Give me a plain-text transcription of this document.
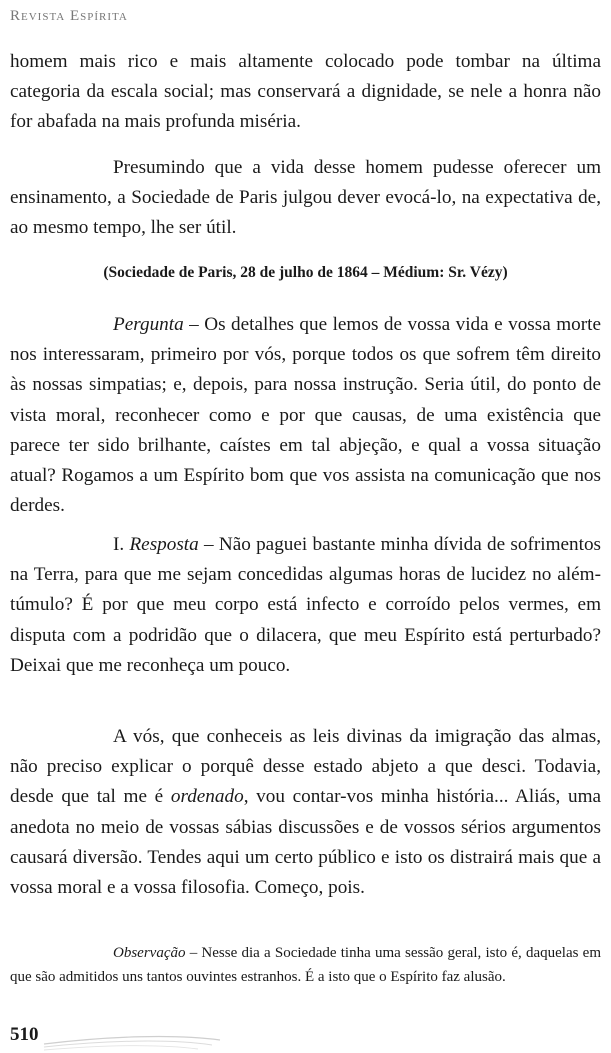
Revista Espírita

homem mais rico e mais altamente colocado pode tombar na última categoria da escala social; mas conservará a dignidade, se nele a honra não for abafada na mais profunda miséria.

Presumindo que a vida desse homem pudesse oferecer um ensinamento, a Sociedade de Paris julgou dever evocá-lo, na expectativa de, ao mesmo tempo, lhe ser útil.

(Sociedade de Paris, 28 de julho de 1864 – Médium: Sr. Vézy)

Pergunta – Os detalhes que lemos de vossa vida e vossa morte nos interessaram, primeiro por vós, porque todos os que sofrem têm direito às nossas simpatias; e, depois, para nossa instrução. Seria útil, do ponto de vista moral, reconhecer como e por que causas, de uma existência que parece ter sido brilhante, caístes em tal abjeção, e qual a vossa situação atual? Rogamos a um Espírito bom que vos assista na comunicação que nos derdes.

I. Resposta – Não paguei bastante minha dívida de sofrimentos na Terra, para que me sejam concedidas algumas horas de lucidez no além-túmulo? É por que meu corpo está infecto e corroído pelos vermes, em disputa com a podridão que o dilacera, que meu Espírito está perturbado? Deixai que me reconheça um pouco.

A vós, que conheceis as leis divinas da imigração das almas, não preciso explicar o porquê desse estado abjeto a que desci. Todavia, desde que tal me é ordenado, vou contar-vos minha história... Aliás, uma anedota no meio de vossas sábias discussões e de vossos sérios argumentos causará diversão. Tendes aqui um certo público e isto os distrairá mais que a vossa moral e a vossa filosofia. Começo, pois.

Observação – Nesse dia a Sociedade tinha uma sessão geral, isto é, daquelas em que são admitidos uns tantos ouvintes estranhos. É a isto que o Espírito faz alusão.

510
